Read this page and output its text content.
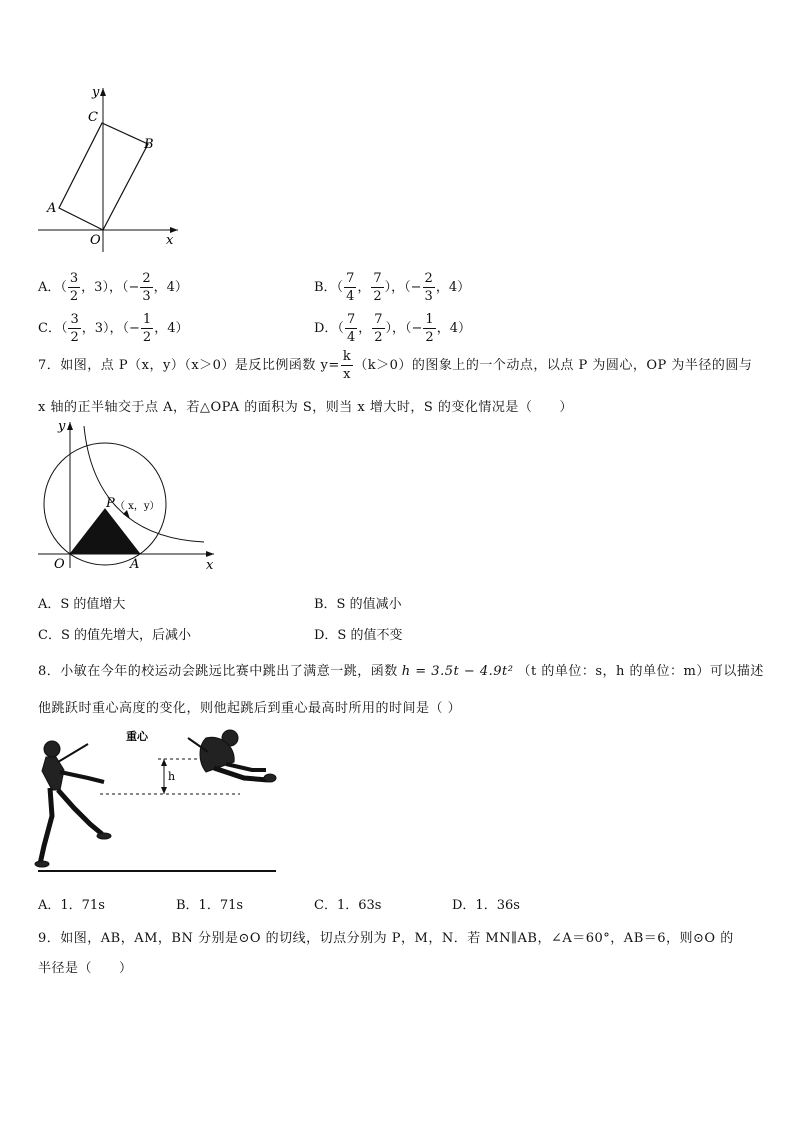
y
x
O
A
B
C
A．（ $\frac{3}{2}$ ，3），（− $\frac{2}{3}$ ，4）	B．（ $\frac{7}{4}$ ， $\frac{7}{2}$ ），（− $\frac{2}{3}$ ，4）
C．（ $\frac{3}{2}$ ，3），（− $\frac{1}{2}$ ，4）	D．（ $\frac{7}{4}$ ， $\frac{7}{2}$ ），（− $\frac{1}{2}$ ，4）
7．如图，点 P（x，y）（x＞0）是反比例函数 $y= \frac{k}{x} (k>0)$的图象上的一个动点，以点 P 为圆心，OP 为半径的圆与
x 轴的正半轴交于点 A，若△OPA 的面积为 S，则当 x 增大时，S 的变化情况是（　　）
y
x
O	A
P （ x，y）
A．S 的值增大	B．S 的值减小
C．S 的值先增大，后减小	D．S 的值不变
8．小敏在今年的校运动会跳远比赛中跳出了满意一跳，函数 h = 3.5t − 4.9t² （t 的单位：s，h 的单位：m）可以描述
他跳跃时重心高度的变化，则他起跳后到重心最高时所用的时间是（ ）
h
重心
A．1．71s	B．1．71s	C．1．63s	D．1．36s
9．如图，AB，AM，BN 分别是⊙O 的切线，切点分别为 P，M，N．若 MN∥AB，∠A＝60°，AB＝6，则⊙O 的
半径是（　　）
